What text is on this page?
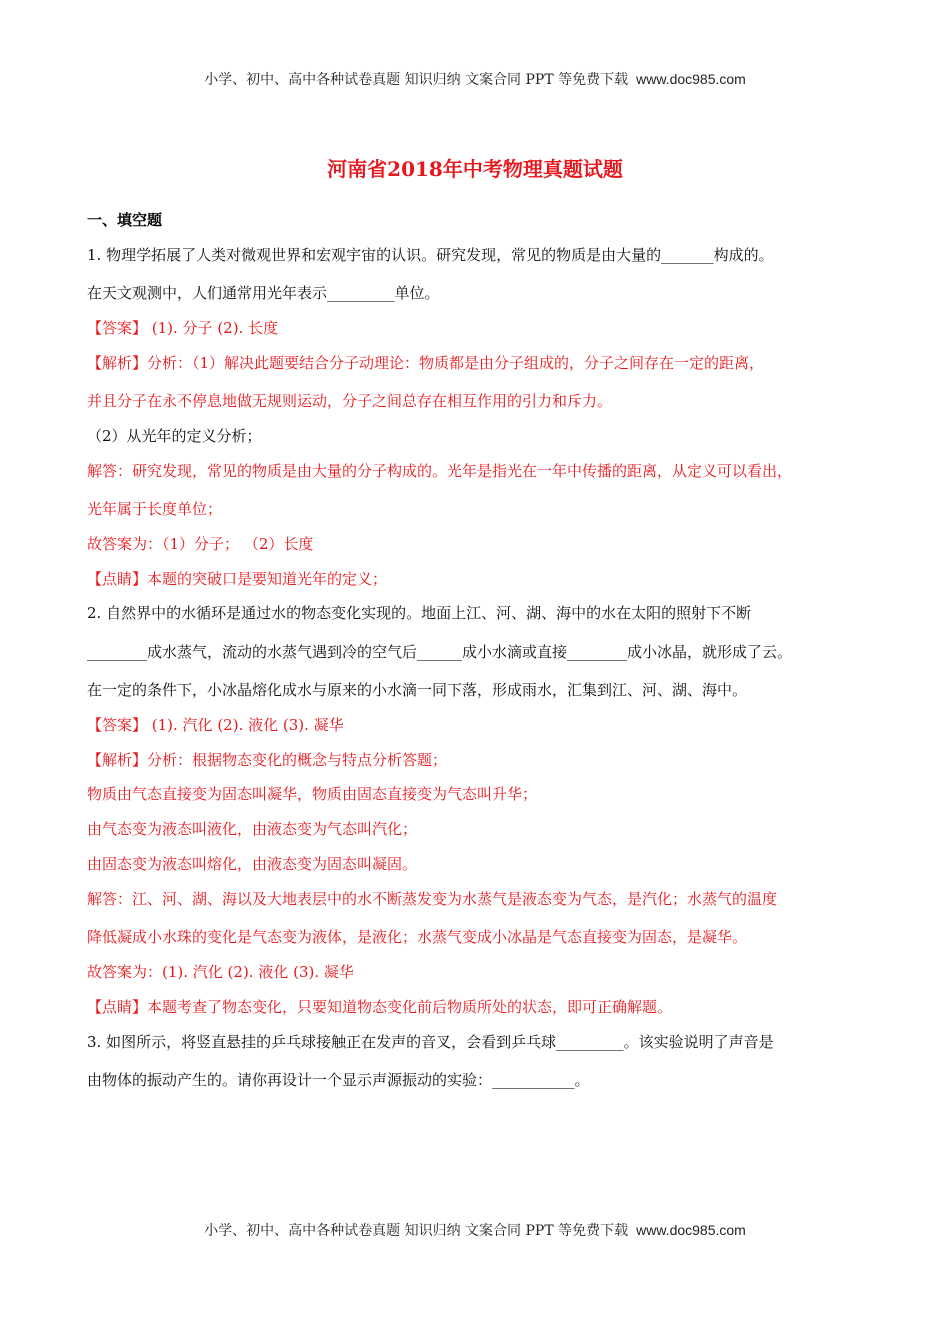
小学、初中、高中各种试卷真题 知识归纳 文案合同 PPT 等免费下载 www.doc985.com
河南省2018年中考物理真题试题
一、填空题
1. 物理学拓展了人类对微观世界和宏观宇宙的认识。研究发现，常见的物质是由大量的_______构成的。
在天文观测中，人们通常用光年表示_________单位。
【答案】 (1). 分子 (2). 长度
【解析】分析：（1）解决此题要结合分子动理论：物质都是由分子组成的，分子之间存在一定的距离，
并且分子在永不停息地做无规则运动，分子之间总存在相互作用的引力和斥力。
（2）从光年的定义分析；
解答：研究发现，常见的物质是由大量的分子构成的。光年是指光在一年中传播的距离，从定义可以看出，
光年属于长度单位；
故答案为：（1）分子； （2）长度
【点睛】本题的突破口是要知道光年的定义；
2. 自然界中的水循环是通过水的物态变化实现的。地面上江、河、湖、海中的水在太阳的照射下不断
________成水蒸气，流动的水蒸气遇到冷的空气后______成小水滴或直接________成小冰晶，就形成了云。
在一定的条件下，小冰晶熔化成水与原来的小水滴一同下落，形成雨水，汇集到江、河、湖、海中。
【答案】 (1). 汽化 (2). 液化 (3). 凝华
【解析】分析：根据物态变化的概念与特点分析答题；
物质由气态直接变为固态叫凝华，物质由固态直接变为气态叫升华；
由气态变为液态叫液化，由液态变为气态叫汽化；
由固态变为液态叫熔化，由液态变为固态叫凝固。
解答：江、河、湖、海以及大地表层中的水不断蒸发变为水蒸气是液态变为气态，是汽化；水蒸气的温度
降低凝成小水珠的变化是气态变为液体，是液化；水蒸气变成小冰晶是气态直接变为固态，是凝华。
故答案为：(1). 汽化 (2). 液化 (3). 凝华
【点睛】本题考查了物态变化，只要知道物态变化前后物质所处的状态，即可正确解题。
3. 如图所示，将竖直悬挂的乒乓球接触正在发声的音叉，会看到乒乓球_________。该实验说明了声音是
由物体的振动产生的。请你再设计一个显示声源振动的实验：___________。
小学、初中、高中各种试卷真题 知识归纳 文案合同 PPT 等免费下载 www.doc985.com
